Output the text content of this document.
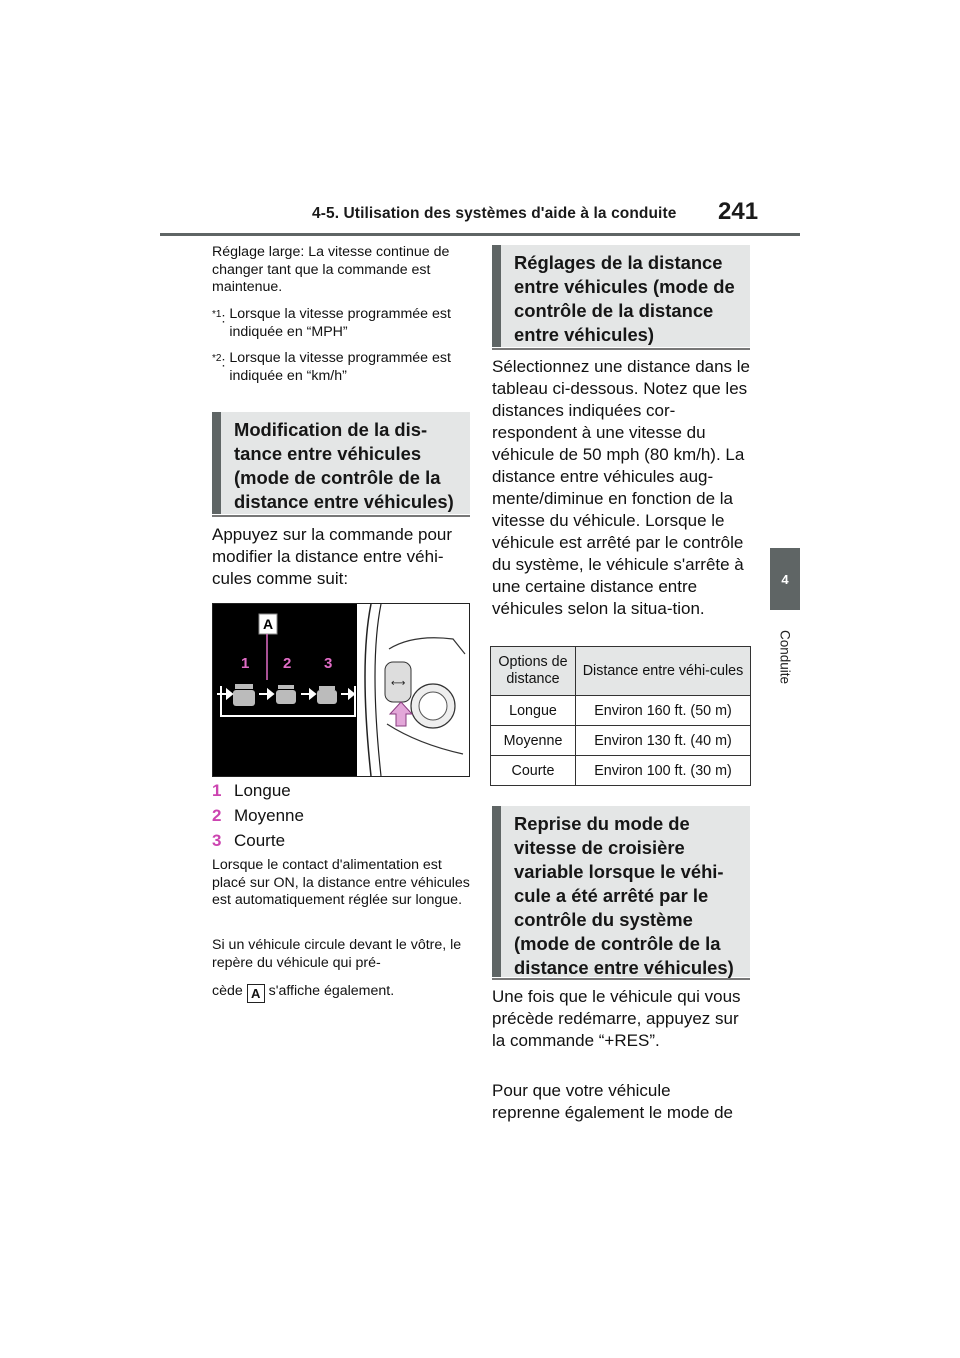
4-5. Utilisation des systèmes d'aide à la conduite 241
4
Conduite
Réglage large: La vitesse continue de changer tant que la commande est maintenue.
$^{*1}$: Lorsque la vitesse programmée est indiquée en “MPH”
$^{*2}$: Lorsque la vitesse programmée est indiquée en “km/h”
Modification de la dis-tance entre véhicules (mode de contrôle de la distance entre véhicules)
Appuyez sur la commande pour modifier la distance entre véhi-cules comme suit:
⟷
A
1 2 3
1 Longue
2 Moyenne
3 Courte
Lorsque le contact d'alimentation est placé sur ON, la distance entre véhicules est automatiquement réglée sur longue.
Si un véhicule circule devant le vôtre, le repère du véhicule qui pré-
cède A s'affiche également.
Réglages de la distance entre véhicules (mode de contrôle de la distance entre véhicules)
Sélectionnez une distance dans le tableau ci-dessous. Notez que les distances indiquées cor-respondent à une vitesse du véhicule de 50 mph (80 km/h). La distance entre véhicules aug-mente/diminue en fonction de la vitesse du véhicule. Lorsque le véhicule est arrêté par le contrôle du système, le véhicule s'arrête à une certaine distance entre véhicules selon la situa-tion.
Options de distance	Distance entre véhi-cules
Longue	Environ 160 ft. (50 m)
Moyenne	Environ 130 ft. (40 m)
Courte	Environ 100 ft. (30 m)
Reprise du mode de vitesse de croisière variable lorsque le véhi-cule a été arrêté par le contrôle du système (mode de contrôle de la distance entre véhicules)
Une fois que le véhicule qui vous précède redémarre, appuyez sur la commande “+RES”.
Pour que votre véhicule reprenne également le mode de
